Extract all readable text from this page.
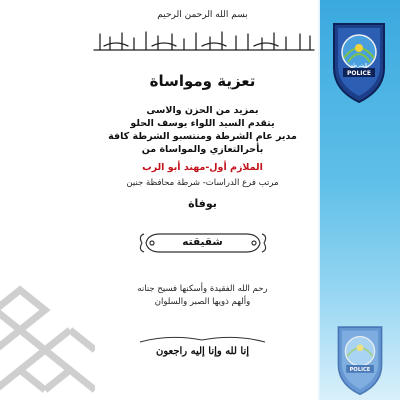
POLICE
الشرطة
POLICE
بسم الله الرحمن الرحيم
تعزية ومواساة
بمزيد من الحزن والاسى
يتقدم السيد اللواء يوسف الحلو
مدير عام الشرطة ومنتسبو الشرطة كافة
بأحرالتعازي والمواساة من
الملازم أول-مهند أبو الرب
مرتب فرع الدراسات- شرطة محافظة جنين
بوفاة
شقيقته
رحم الله الفقيدة وأسكنها فسيح جنانه
وألهم ذويها الصبر والسلوان
إنا لله وإنا إليه راجعون
